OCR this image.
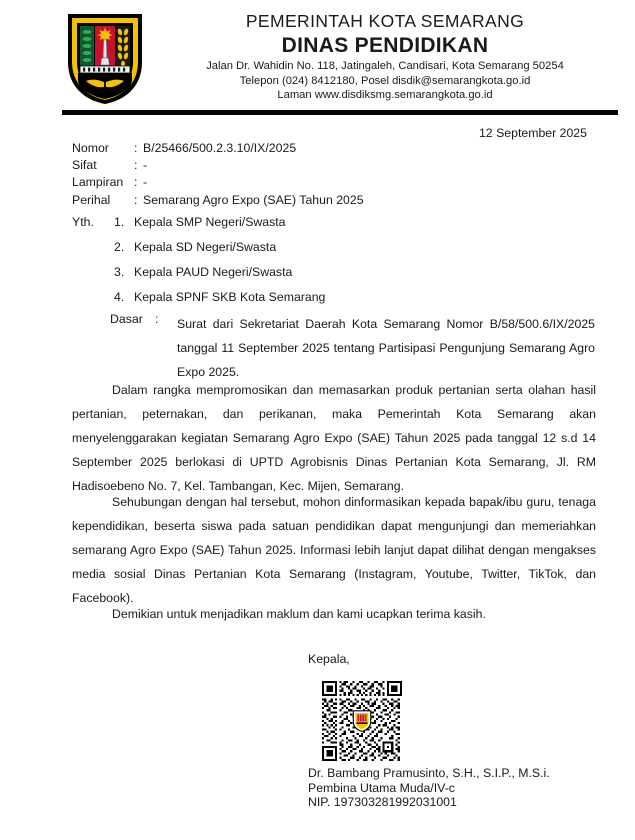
PEMERINTAH KOTA SEMARANG
DINAS PENDIDIKAN
Jalan Dr. Wahidin No. 118, Jatingaleh, Candisari, Kota Semarang 50254
Telepon (024) 8412180, Posel disdik@semarangkota.go.id
Laman www.disdiksmg.semarangkota.go.id
12 September 2025
Nomor	: B/25466/500.2.3.10/IX/2025
Sifat	: -
Lampiran : -
Perihal	: Semarang Agro Expo (SAE) Tahun 2025
Yth.	1. Kepala SMP Negeri/Swasta
2. Kepala SD Negeri/Swasta
3. Kepala PAUD Negeri/Swasta
4. Kepala SPNF SKB Kota Semarang
Dasar :	Surat dari Sekretariat Daerah Kota Semarang Nomor B/58/500.6/IX/2025 tanggal 11 September 2025 tentang Partisipasi Pengunjung Semarang Agro Expo 2025.
Dalam rangka mempromosikan dan memasarkan produk pertanian serta olahan hasil pertanian, peternakan, dan perikanan, maka Pemerintah Kota Semarang akan menyelenggarakan kegiatan Semarang Agro Expo (SAE) Tahun 2025 pada tanggal 12 s.d 14 September 2025 berlokasi di UPTD Agrobisnis Dinas Pertanian Kota Semarang, Jl. RM Hadisoebeno No. 7, Kel. Tambangan, Kec. Mijen, Semarang.
Sehubungan dengan hal tersebut, mohon dinformasikan kepada bapak/ibu guru, tenaga kependidikan, beserta siswa pada satuan pendidikan dapat mengunjungi dan memeriahkan semarang Agro Expo (SAE) Tahun 2025. Informasi lebih lanjut dapat dilihat dengan mengakses media sosial Dinas Pertanian Kota Semarang (Instagram, Youtube, Twitter, TikTok, dan Facebook).
Demikian untuk menjadikan maklum dan kami ucapkan terima kasih.
Kepala,
Dr. Bambang Pramusinto, S.H., S.I.P., M.S.i.
Pembina Utama Muda/IV-c
NIP. 197303281992031001
